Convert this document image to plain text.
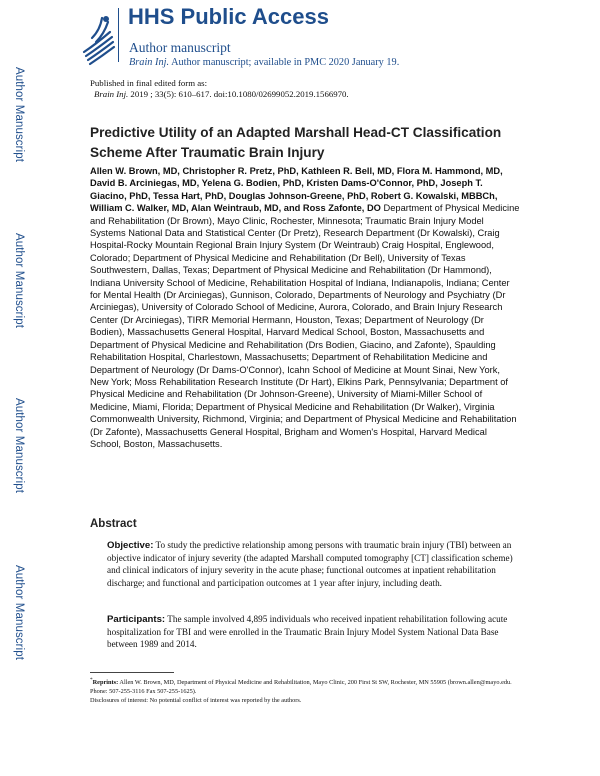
Author Manuscript
Author Manuscript
Author Manuscript
Author Manuscript
HHS Public Access
Author manuscript
Brain Inj. Author manuscript; available in PMC 2020 January 19.
Published in final edited form as:
Brain Inj. 2019 ; 33(5): 610–617. doi:10.1080/02699052.2019.1566970.
Predictive Utility of an Adapted Marshall Head-CT Classification Scheme After Traumatic Brain Injury
Allen W. Brown, MD, Christopher R. Pretz, PhD, Kathleen R. Bell, MD, Flora M. Hammond, MD, David B. Arciniegas, MD, Yelena G. Bodien, PhD, Kristen Dams-O'Connor, PhD, Joseph T. Giacino, PhD, Tessa Hart, PhD, Douglas Johnson-Greene, PhD, Robert G. Kowalski, MBBCh, William C. Walker, MD, Alan Weintraub, MD, and Ross Zafonte, DO Department of Physical Medicine and Rehabilitation (Dr Brown), Mayo Clinic, Rochester, Minnesota; Traumatic Brain Injury Model Systems National Data and Statistical Center (Dr Pretz), Research Department (Dr Kowalski), Craig Hospital-Rocky Mountain Regional Brain Injury System (Dr Weintraub) Craig Hospital, Englewood, Colorado; Department of Physical Medicine and Rehabilitation (Dr Bell), University of Texas Southwestern, Dallas, Texas; Department of Physical Medicine and Rehabilitation (Dr Hammond), Indiana University School of Medicine, Rehabilitation Hospital of Indiana, Indianapolis, Indiana; Center for Mental Health (Dr Arciniegas), Gunnison, Colorado, Departments of Neurology and Psychiatry (Dr Arciniegas), University of Colorado School of Medicine, Aurora, Colorado, and Brain Injury Research Center (Dr Arciniegas), TIRR Memorial Hermann, Houston, Texas; Department of Neurology (Dr Bodien), Massachusetts General Hospital, Harvard Medical School, Boston, Massachusetts and Department of Physical Medicine and Rehabilitation (Drs Bodien, Giacino, and Zafonte), Spaulding Rehabilitation Hospital, Charlestown, Massachusetts; Department of Rehabilitation Medicine and Department of Neurology (Dr Dams-O'Connor), Icahn School of Medicine at Mount Sinai, New York, New York; Moss Rehabilitation Research Institute (Dr Hart), Elkins Park, Pennsylvania; Department of Physical Medicine and Rehabilitation (Dr Johnson-Greene), University of Miami-Miller School of Medicine, Miami, Florida; Department of Physical Medicine and Rehabilitation (Dr Walker), Virginia Commonwealth University, Richmond, Virginia; and Department of Physical Medicine and Rehabilitation (Dr Zafonte), Massachusetts General Hospital, Brigham and Women's Hospital, Harvard Medical School, Boston, Massachusetts.
Abstract
Objective: To study the predictive relationship among persons with traumatic brain injury (TBI) between an objective indicator of injury severity (the adapted Marshall computed tomography [CT] classification scheme) and clinical indicators of injury severity in the acute phase; functional outcomes at inpatient rehabilitation discharge; and functional and participation outcomes at 1 year after injury, including death.
Participants: The sample involved 4,895 individuals who received inpatient rehabilitation following acute hospitalization for TBI and were enrolled in the Traumatic Brain Injury Model System National Data Base between 1989 and 2014.
*Reprints: Allen W. Brown, MD, Department of Physical Medicine and Rehabilitation, Mayo Clinic, 200 First St SW, Rochester, MN 55905 (brown.allen@mayo.edu. Phone: 507-255-3116 Fax 507-255-1625).
Disclosures of interest: No potential conflict of interest was reported by the authors.
